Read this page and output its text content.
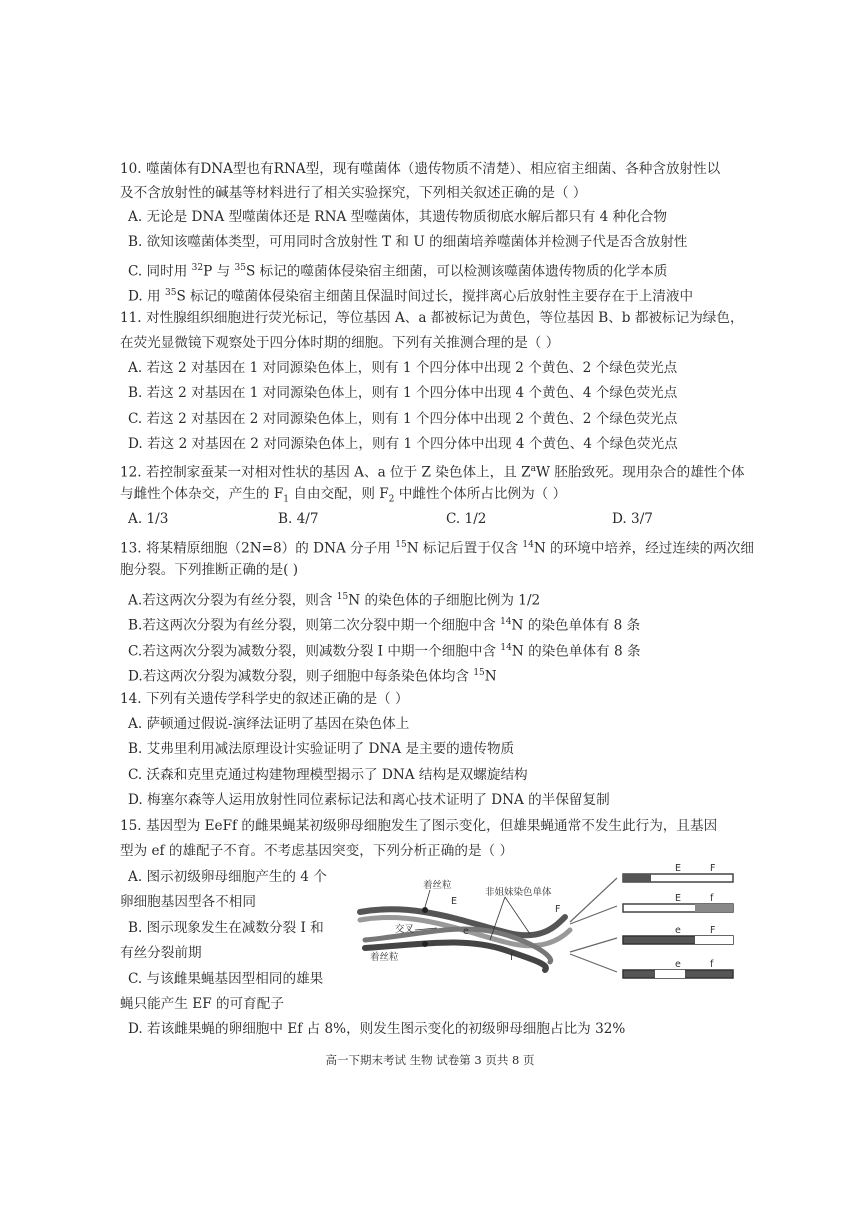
10. 噬菌体有DNA型也有RNA型，现有噬菌体（遗传物质不清楚）、相应宿主细菌、各种含放射性以
及不含放射性的碱基等材料进行了相关实验探究，下列相关叙述正确的是（ ）
A. 无论是 DNA 型噬菌体还是 RNA 型噬菌体，其遗传物质彻底水解后都只有 4 种化合物
B. 欲知该噬菌体类型，可用同时含放射性 T 和 U 的细菌培养噬菌体并检测子代是否含放射性
C. 同时用 $^{32}$P 与 $^{35}$S 标记的噬菌体侵染宿主细菌，可以检测该噬菌体遗传物质的化学本质
D. 用 $^{35}$S 标记的噬菌体侵染宿主细菌且保温时间过长，搅拌离心后放射性主要存在于上清液中
11. 对性腺组织细胞进行荧光标记，等位基因 A、a 都被标记为黄色，等位基因 B、b 都被标记为绿色，
在荧光显微镜下观察处于四分体时期的细胞。下列有关推测合理的是（ ）
A. 若这 2 对基因在 1 对同源染色体上，则有 1 个四分体中出现 2 个黄色、2 个绿色荧光点
B. 若这 2 对基因在 1 对同源染色体上，则有 1 个四分体中出现 4 个黄色、4 个绿色荧光点
C. 若这 2 对基因在 2 对同源染色体上，则有 1 个四分体中出现 2 个黄色、2 个绿色荧光点
D. 若这 2 对基因在 2 对同源染色体上，则有 1 个四分体中出现 4 个黄色、4 个绿色荧光点
12. 若控制家蚕某一对相对性状的基因 A、a 位于 Z 染色体上，且 $Z^aW$ 胚胎致死。现用杂合的雄性个体
与雌性个体杂交，产生的 $F_1$ 自由交配，则 $F_2$ 中雌性个体所占比例为（ ）
A. 1/3	B. 4/7	C. 1/2	D. 3/7
13. 将某精原细胞（2N=8）的 DNA 分子用 $^{15}$N 标记后置于仅含 $^{14}$N 的环境中培养，经过连续的两次细
胞分裂。下列推断正确的是( )
A.若这两次分裂为有丝分裂，则含 $^{15}$N 的染色体的子细胞比例为 1/2
B.若这两次分裂为有丝分裂，则第二次分裂中期一个细胞中含 $^{14}$N 的染色单体有 8 条
C.若这两次分裂为减数分裂，则减数分裂 I 中期一个细胞中含 $^{14}$N 的染色单体有 8 条
D.若这两次分裂为减数分裂，则子细胞中每条染色体均含 $^{15}$N
14. 下列有关遗传学科学史的叙述正确的是（ ）
A. 萨顿通过假说-演绎法证明了基因在染色体上
B. 艾弗里利用减法原理设计实验证明了 DNA 是主要的遗传物质
C. 沃森和克里克通过构建物理模型揭示了 DNA 结构是双螺旋结构
D. 梅塞尔森等人运用放射性同位素标记法和离心技术证明了 DNA 的半保留复制
15. 基因型为 EeFf 的雌果蝇某初级卵母细胞发生了图示变化，但雄果蝇通常不发生此行为，且基因
型为 ef 的雄配子不育。不考虑基因突变，下列分析正确的是（ ）
A. 图示初级卵母细胞产生的 4 个
卵细胞基因型各不相同
B. 图示现象发生在减数分裂 I 和
有丝分裂前期
C. 与该雌果蝇基因型相同的雄果
蝇只能产生 EF 的可育配子
D. 若该雌果蝇的卵细胞中 Ef 占 8%，则发生图示变化的初级卵母细胞占比为 32%
着丝粒
非姐妹染色单体
交叉
着丝粒
E
F
f
e
E	F
E	f
e	F
e	f
高一下期末考试 生物 试卷第 3 页共 8 页
